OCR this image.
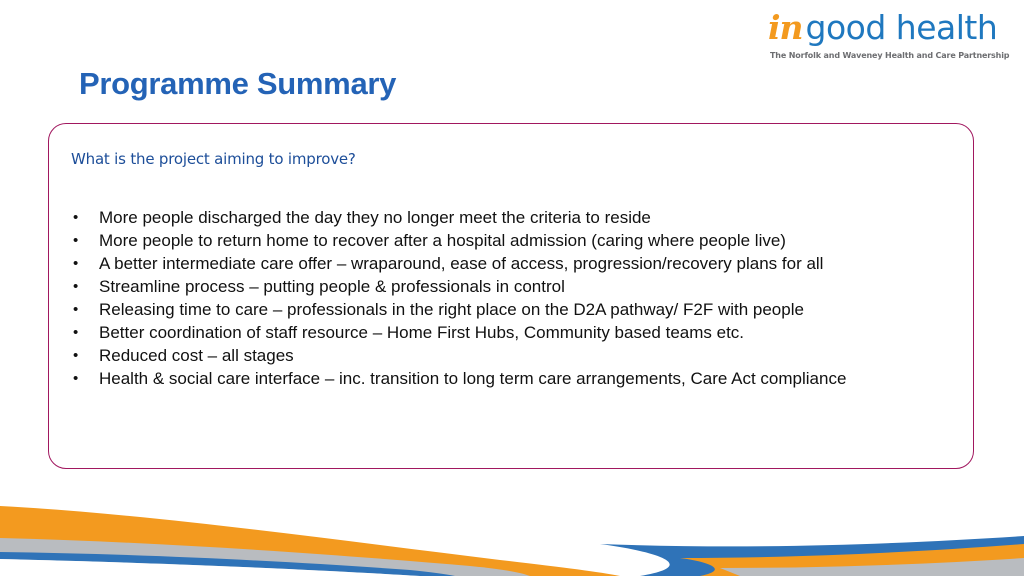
ingood health
The Norfolk and Waveney Health and Care Partnership
Programme Summary
What is the project aiming to improve?
• More people discharged the day they no longer meet the criteria to reside
• More people to return home to recover after a hospital admission (caring where people live)
• A better intermediate care offer – wraparound, ease of access, progression/recovery plans for all
• Streamline process – putting people & professionals in control
• Releasing time to care – professionals in the right place on the D2A pathway/ F2F with people
• Better coordination of staff resource – Home First Hubs, Community based teams etc.
• Reduced cost – all stages
• Health & social care interface – inc. transition to long term care arrangements, Care Act compliance
